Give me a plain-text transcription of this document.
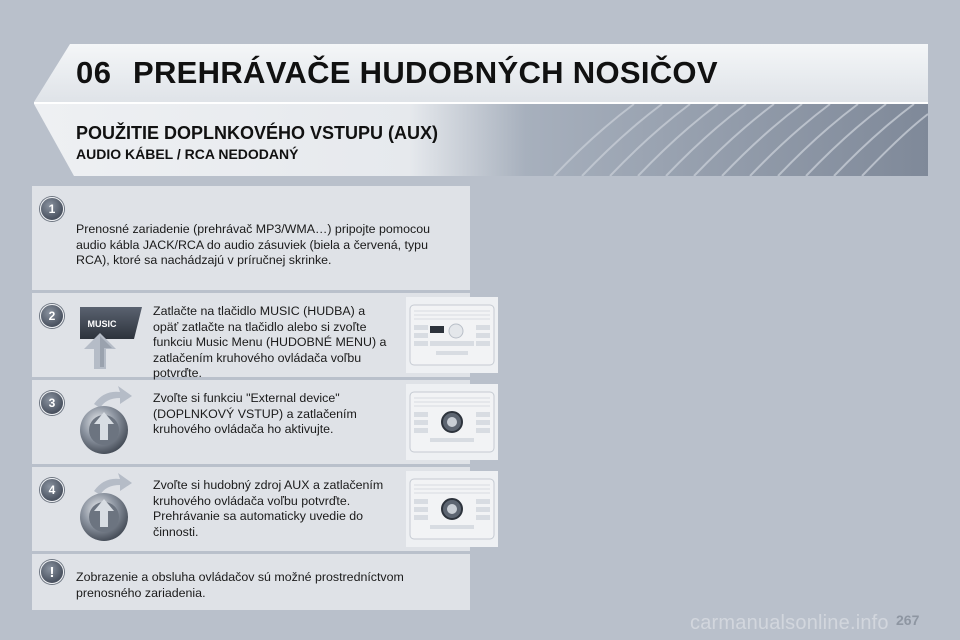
06 PREHRÁVAČE HUDOBNÝCH NOSIČOV
POUŽITIE DOPLNKOVÉHO VSTUPU (AUX)
AUDIO KÁBEL / RCA NEDODANÝ
1
Prenosné zariadenie (prehrávač MP3/WMA…) pripojte pomocou audio kábla JACK/RCA do audio zásuviek (biela a červená, typu RCA), ktoré sa nachádzajú v príručnej skrinke.
2
MUSIC
Zatlačte na tlačidlo MUSIC (HUDBA) a opäť zatlačte na tlačidlo alebo si zvoľte funkciu Music Menu (HUDOBNÉ MENU) a zatlačením kruhového ovládača voľbu potvrďte.
3	Zvoľte si funkciu "External device" (DOPLNKOVÝ VSTUP) a zatlačením kruhového ovládača ho aktivujte.
4	Zvoľte si hudobný zdroj AUX a zatlačením kruhového ovládača voľbu potvrďte. Prehrávanie sa automaticky uvedie do činnosti.
!	Zobrazenie a obsluha ovládačov sú možné prostredníctvom prenosného zariadenia.
carmanualsonline.info 267
